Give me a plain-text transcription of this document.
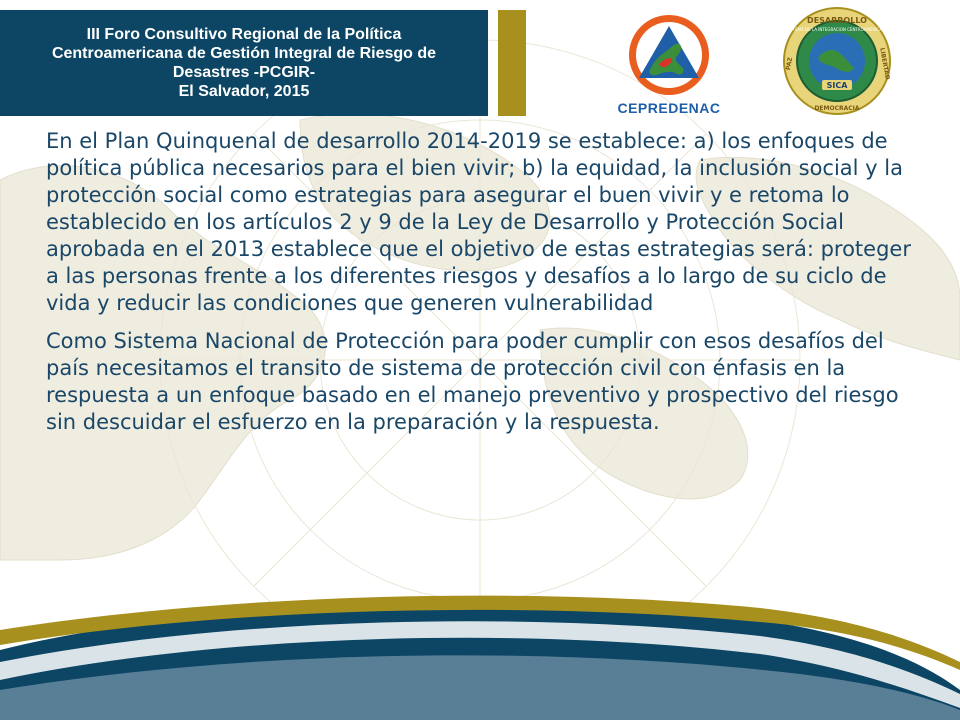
III Foro Consultivo Regional de la Política
Centroamericana de Gestión Integral de Riesgo de
Desastres -PCGIR-
El Salvador, 2015
CEPREDENAC
DESARROLLO
DEMOCRACIA
PAZ	LIBERTAD
SISTEMA DE LA INTEGRACION CENTROAMERICANA
SICA

En el Plan Quinquenal de desarrollo 2014-2019 se establece: a) los enfoques de política pública necesarios para el bien vivir; b) la equidad, la inclusión social y la protección social como estrategias para asegurar el buen vivir y e retoma lo establecido en los artículos 2 y 9 de la Ley de Desarrollo y Protección Social aprobada en el 2013 establece que el objetivo de estas estrategias será: proteger a las personas frente a los diferentes riesgos y desafíos a lo largo de su ciclo de vida y reducir las condiciones que generen vulnerabilidad

Como Sistema Nacional de Protección para poder cumplir con esos desafíos del país necesitamos el transito de sistema de protección civil con énfasis en la respuesta a un enfoque basado en el manejo preventivo y prospectivo del riesgo sin descuidar el esfuerzo en la preparación y la respuesta.
